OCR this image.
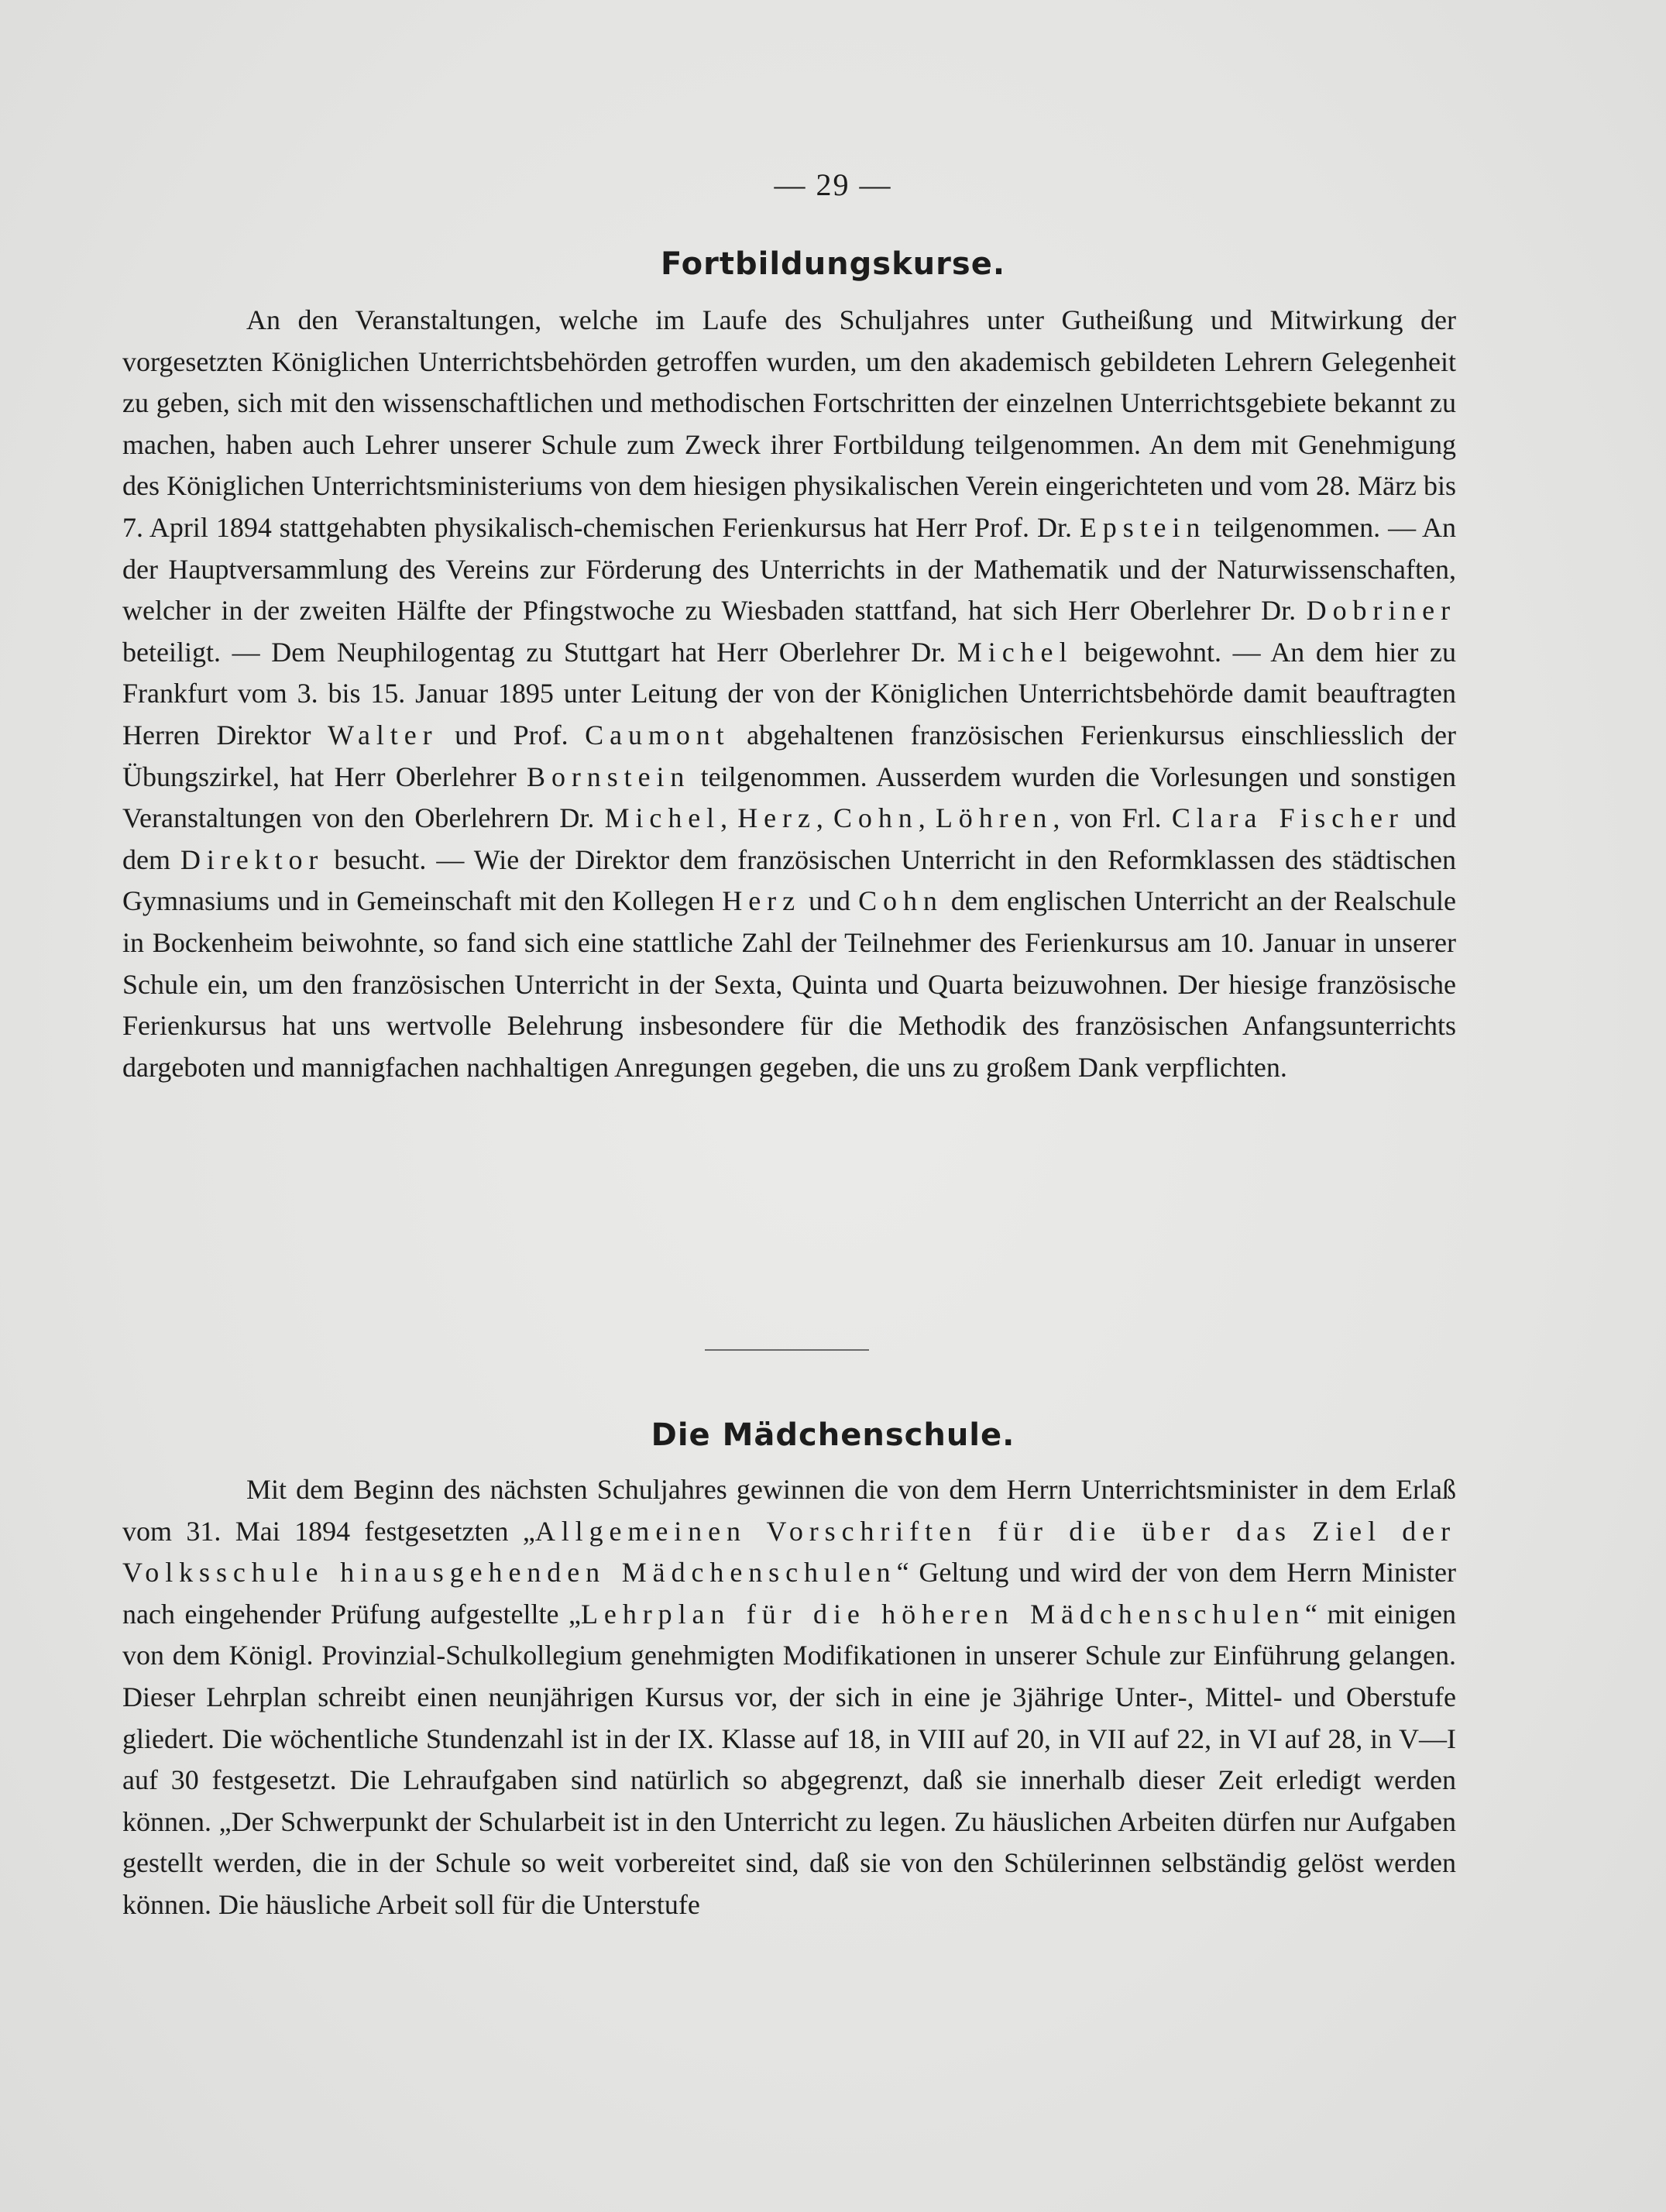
— 29 —
Fortbildungskurse.

An den Veranstaltungen, welche im Laufe des Schuljahres unter Gutheißung und Mitwirkung der vorgesetzten Königlichen Unterrichtsbehörden getroffen wurden, um den akademisch gebildeten Lehrern Gelegenheit zu geben, sich mit den wissenschaftlichen und methodischen Fortschritten der einzelnen Unterrichtsgebiete bekannt zu machen, haben auch Lehrer unserer Schule zum Zweck ihrer Fortbildung teilgenommen. An dem mit Genehmigung des Königlichen Unterrichtsministeriums von dem hiesigen physikalischen Verein eingerichteten und vom 28. März bis 7. April 1894 stattgehabten physikalisch-chemischen Ferienkursus hat Herr Prof. Dr. Epstein teilgenommen. — An der Hauptversammlung des Vereins zur Förderung des Unterrichts in der Mathematik und der Naturwissenschaften, welcher in der zweiten Hälfte der Pfingstwoche zu Wiesbaden stattfand, hat sich Herr Oberlehrer Dr. Dobriner beteiligt. — Dem Neuphilogentag zu Stuttgart hat Herr Oberlehrer Dr. Michel beigewohnt. — An dem hier zu Frankfurt vom 3. bis 15. Januar 1895 unter Leitung der von der Königlichen Unterrichtsbehörde damit beauftragten Herren Direktor Walter und Prof. Caumont abgehaltenen französischen Ferienkursus einschliesslich der Übungszirkel, hat Herr Oberlehrer Bornstein teilgenommen. Ausserdem wurden die Vorlesungen und sonstigen Veranstaltungen von den Oberlehrern Dr. Michel, Herz, Cohn, Löhren, von Frl. Clara Fischer und dem Direktor besucht. — Wie der Direktor dem französischen Unterricht in den Reformklassen des städtischen Gymnasiums und in Gemeinschaft mit den Kollegen Herz und Cohn dem englischen Unterricht an der Realschule in Bockenheim beiwohnte, so fand sich eine stattliche Zahl der Teilnehmer des Ferienkursus am 10. Januar in unserer Schule ein, um den französischen Unterricht in der Sexta, Quinta und Quarta beizuwohnen. Der hiesige französische Ferienkursus hat uns wertvolle Belehrung insbesondere für die Methodik des französischen Anfangsunterrichts dargeboten und mannigfachen nachhaltigen Anregungen gegeben, die uns zu großem Dank verpflichten.

Die Mädchenschule.

Mit dem Beginn des nächsten Schuljahres gewinnen die von dem Herrn Unterrichtsminister in dem Erlaß vom 31. Mai 1894 festgesetzten „Allgemeinen Vorschriften für die über das Ziel der Volksschule hinausgehenden Mädchenschulen“ Geltung und wird der von dem Herrn Minister nach eingehender Prüfung aufgestellte „Lehrplan für die höheren Mädchenschulen“ mit einigen von dem Königl. Provinzial-Schulkollegium genehmigten Modifikationen in unserer Schule zur Einführung gelangen. Dieser Lehrplan schreibt einen neunjährigen Kursus vor, der sich in eine je 3jährige Unter-, Mittel- und Oberstufe gliedert. Die wöchentliche Stundenzahl ist in der IX. Klasse auf 18, in VIII auf 20, in VII auf 22, in VI auf 28, in V—I auf 30 festgesetzt. Die Lehraufgaben sind natürlich so abgegrenzt, daß sie innerhalb dieser Zeit erledigt werden können. „Der Schwerpunkt der Schularbeit ist in den Unterricht zu legen. Zu häuslichen Arbeiten dürfen nur Aufgaben gestellt werden, die in der Schule so weit vorbereitet sind, daß sie von den Schülerinnen selbständig gelöst werden können. Die häusliche Arbeit soll für die Unterstufe
